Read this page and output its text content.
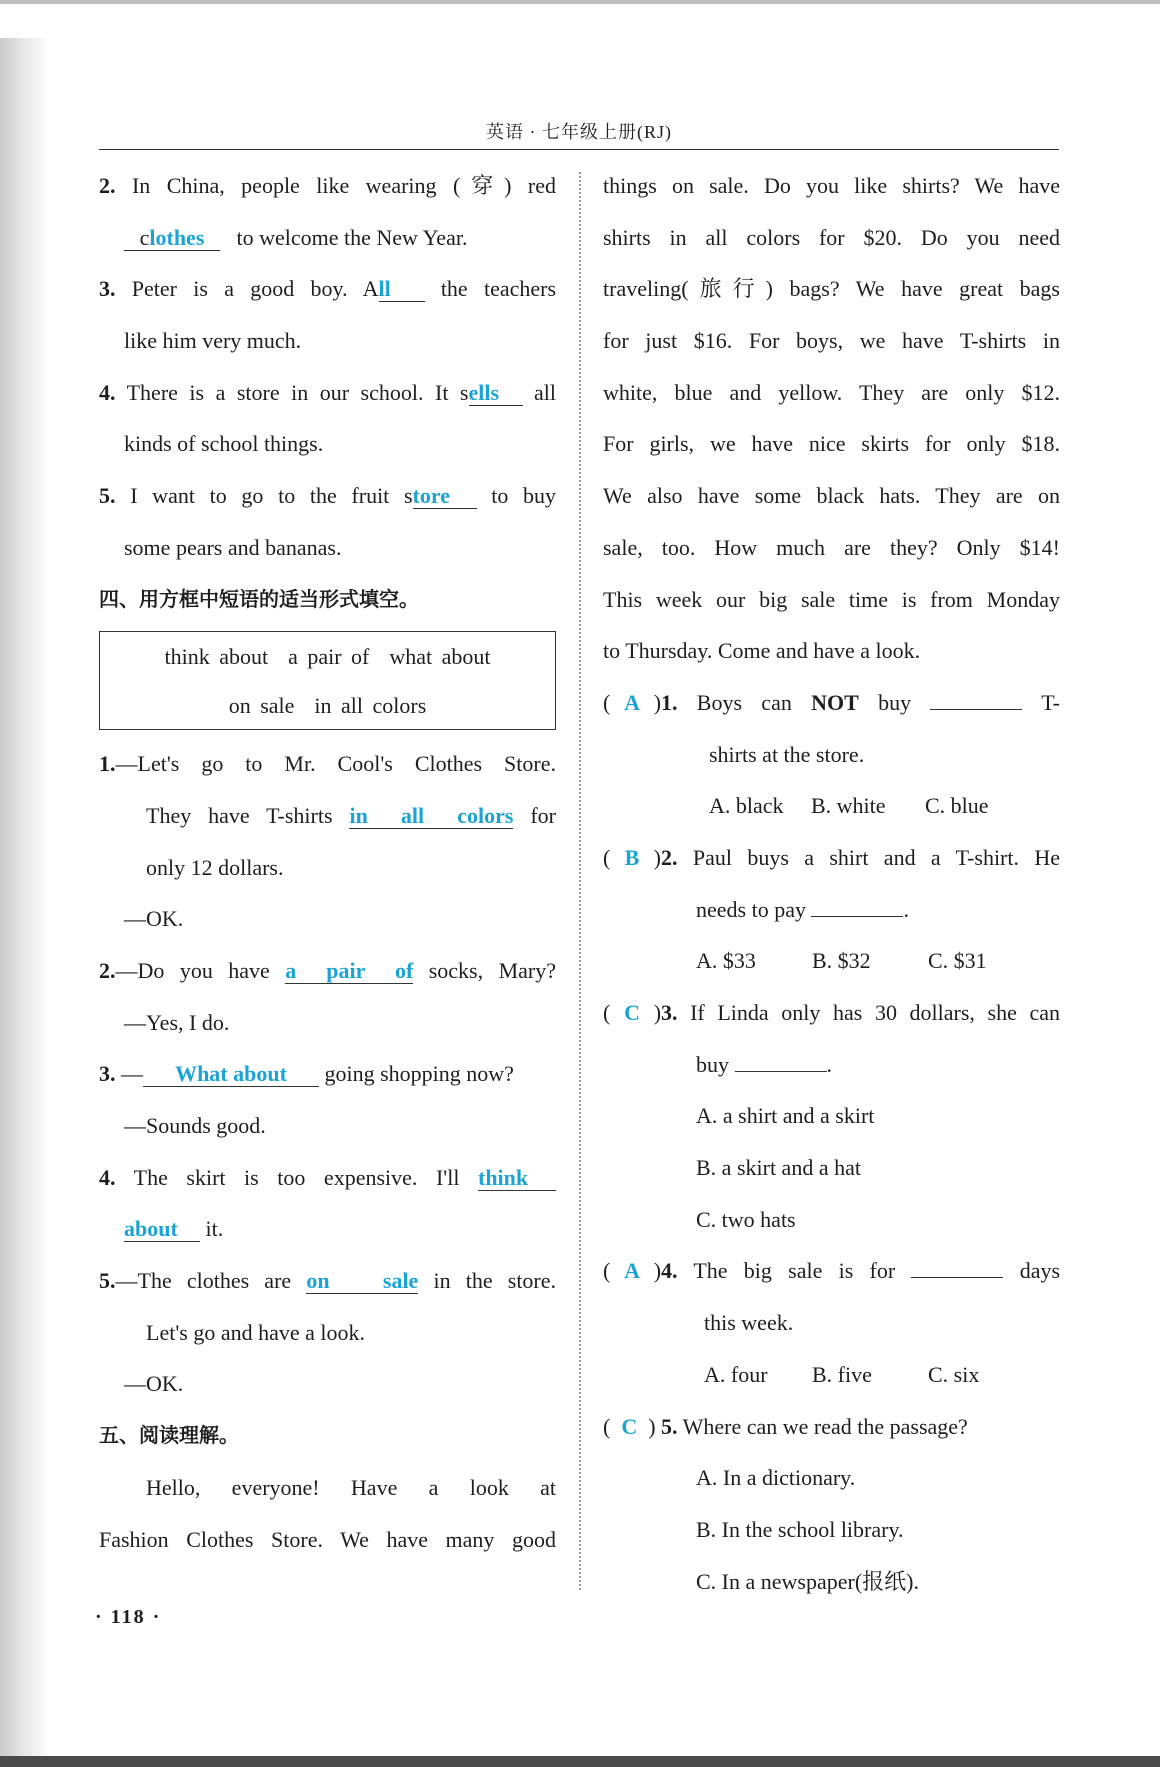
英语 · 七年级上册(RJ)
2. In China, people like wearing (穿) red
clothes to welcome the New Year.
3. Peter is a good boy. All the teachers
like him very much.
4. There is a store in our school. It sells all
kinds of school things.
5. I want to go to the fruit store to buy
some pears and bananas.
四、用方框中短语的适当形式填空。
think about a pair of what about
on sale in all colors
1.—Let's go to Mr. Cool's Clothes Store.
They have T-shirts in all colors for
only 12 dollars.
—OK.
2.—Do you have a pair of socks, Mary?
—Yes, I do.
3. — What about going shopping now?
—Sounds good.
4. The skirt is too expensive. I'll think
about it.
5.—The clothes are on sale in the store.
Let's go and have a look.
—OK.
五、阅读理解。
Hello, everyone! Have a look at
Fashion Clothes Store. We have many good
things on sale. Do you like shirts? We have
shirts in all colors for $20. Do you need
traveling(旅行) bags? We have great bags
for just $16. For boys, we have T-shirts in
white, blue and yellow. They are only $12.
For girls, we have nice skirts for only $18.
We also have some black hats. They are on
sale, too. How much are they? Only $14!
This week our big sale time is from Monday
to Thursday. Come and have a look.
( A )1. Boys can NOT buy	T-
shirts at the store.
A. black B. white C. blue
( B )2. Paul buys a shirt and a T-shirt. He
needs to pay	.
A. $33	B. $32	C. $31
( C )3. If Linda only has 30 dollars, she can
buy	.
A. a shirt and a skirt
B. a skirt and a hat
C. two hats
( A )4. The big sale is for	days
this week.
A. four B. five	C. six
( C ) 5. Where can we read the passage?
A. In a dictionary.
B. In the school library.
C. In a newspaper(报纸).
· 118 ·
